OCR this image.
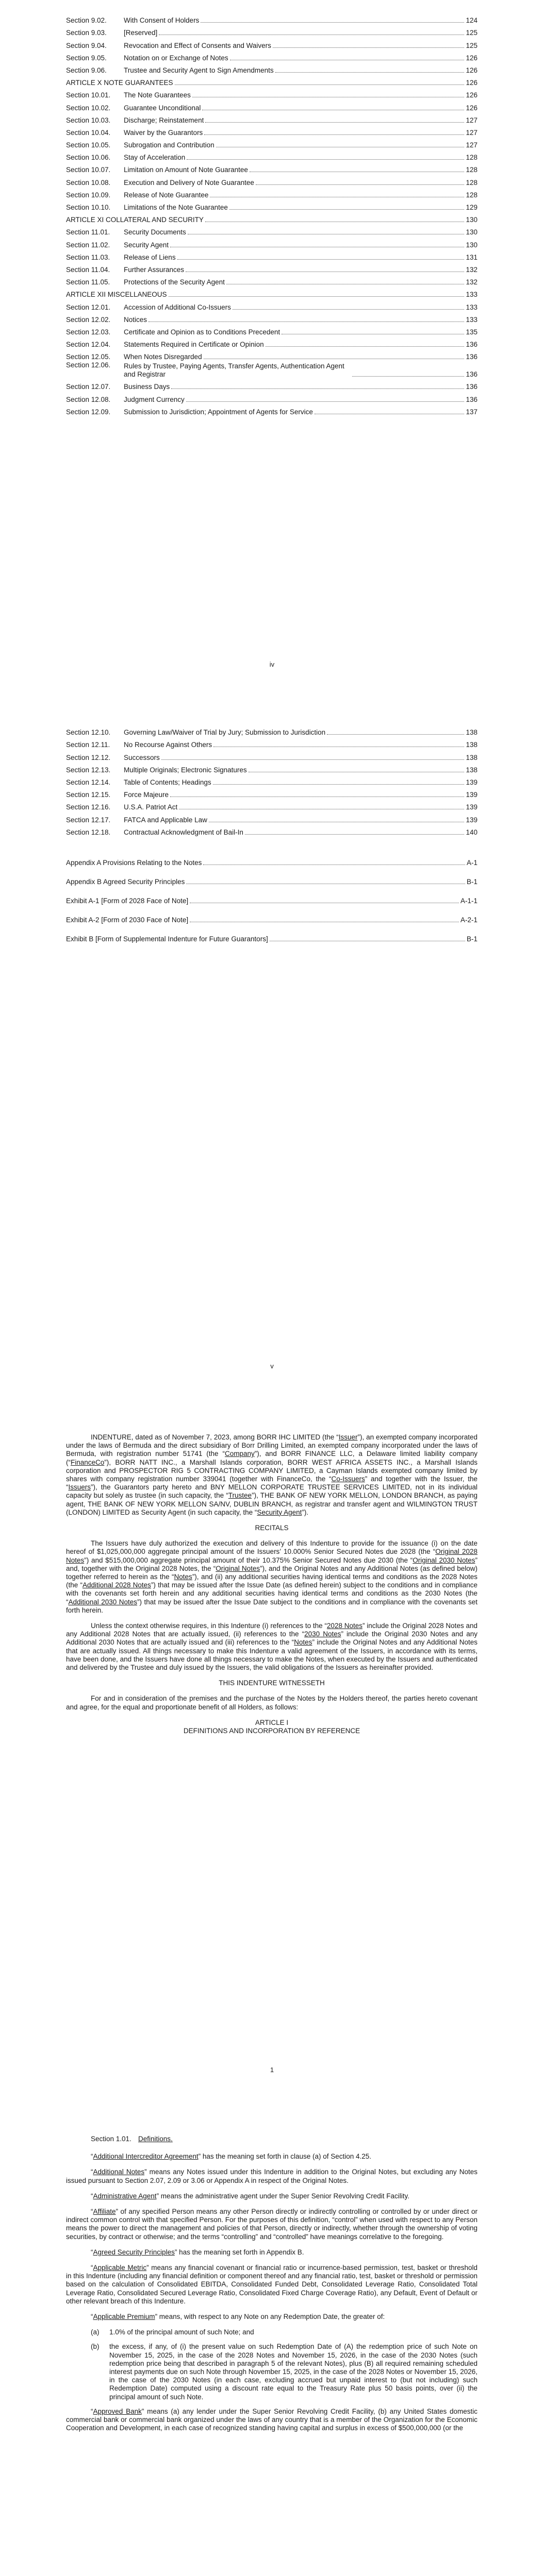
Section 9.02.	With Consent of Holders	124
Section 9.03.	[Reserved]	125
Section 9.04.	Revocation and Effect of Consents and Waivers	125
Section 9.05.	Notation on or Exchange of Notes	126
Section 9.06.	Trustee and Security Agent to Sign Amendments	126
ARTICLE X NOTE GUARANTEES	126
Section 10.01.	The Note Guarantees	126
Section 10.02.	Guarantee Unconditional	126
Section 10.03.	Discharge; Reinstatement	127
Section 10.04.	Waiver by the Guarantors	127
Section 10.05.	Subrogation and Contribution	127
Section 10.06.	Stay of Acceleration	128
Section 10.07.	Limitation on Amount of Note Guarantee	128
Section 10.08.	Execution and Delivery of Note Guarantee	128
Section 10.09.	Release of Note Guarantee	128
Section 10.10.	Limitations of the Note Guarantee	129
ARTICLE XI COLLATERAL AND SECURITY	130
Section 11.01.	Security Documents	130
Section 11.02.	Security Agent	130
Section 11.03.	Release of Liens	131
Section 11.04.	Further Assurances	132
Section 11.05.	Protections of the Security Agent	132
ARTICLE XII MISCELLANEOUS	133
Section 12.01.	Accession of Additional Co-Issuers	133
Section 12.02.	Notices	133
Section 12.03.	Certificate and Opinion as to Conditions Precedent	135
Section 12.04.	Statements Required in Certificate or Opinion	136
Section 12.05.	When Notes Disregarded	136
Section 12.06.	Rules by Trustee, Paying Agents, Transfer Agents, Authentication Agent and Registrar	136
Section 12.07.	Business Days	136
Section 12.08.	Judgment Currency	136
Section 12.09.	Submission to Jurisdiction; Appointment of Agents for Service	137
iv
Section 12.10.	Governing Law/Waiver of Trial by Jury; Submission to Jurisdiction	138
Section 12.11.	No Recourse Against Others	138
Section 12.12.	Successors	138
Section 12.13.	Multiple Originals; Electronic Signatures	138
Section 12.14.	Table of Contents; Headings	139
Section 12.15.	Force Majeure	139
Section 12.16.	U.S.A. Patriot Act	139
Section 12.17.	FATCA and Applicable Law	139
Section 12.18.	Contractual Acknowledgment of Bail-In	140
Appendix A Provisions Relating to the Notes	A-1
Appendix B Agreed Security Principles	B-1
Exhibit A-1 [Form of 2028 Face of Note]	A-1-1
Exhibit A-2 [Form of 2030 Face of Note]	A-2-1
Exhibit B [Form of Supplemental Indenture for Future Guarantors]	B-1
v

INDENTURE, dated as of November 7, 2023, among BORR IHC LIMITED (the “Issuer”), an exempted company incorporated under the laws of Bermuda and the direct subsidiary of Borr Drilling Limited, an exempted company incorporated under the laws of Bermuda, with registration number 51741 (the “Company”), and BORR FINANCE LLC, a Delaware limited liability company (“FinanceCo”), BORR NATT INC., a Marshall Islands corporation, BORR WEST AFRICA ASSETS INC., a Marshall Islands corporation and PROSPECTOR RIG 5 CONTRACTING COMPANY LIMITED, a Cayman Islands exempted company limited by shares with company registration number 339041 (together with FinanceCo, the “Co-Issuers” and together with the Issuer, the “Issuers”), the Guarantors party hereto and BNY MELLON CORPORATE TRUSTEE SERVICES LIMITED, not in its individual capacity but solely as trustee (in such capacity, the “Trustee”), THE BANK OF NEW YORK MELLON, LONDON BRANCH, as paying agent, THE BANK OF NEW YORK MELLON SA/NV, DUBLIN BRANCH, as registrar and transfer agent and WILMINGTON TRUST (LONDON) LIMITED as Security Agent (in such capacity, the “Security Agent”).

RECITALS

The Issuers have duly authorized the execution and delivery of this Indenture to provide for the issuance (i) on the date hereof of $1,025,000,000 aggregate principal amount of the Issuers’ 10.000% Senior Secured Notes due 2028 (the “Original 2028 Notes”) and $515,000,000 aggregate principal amount of their 10.375% Senior Secured Notes due 2030 (the “Original 2030 Notes” and, together with the Original 2028 Notes, the “Original Notes”), and the Original Notes and any Additional Notes (as defined below) together referred to herein as the “Notes”), and (ii) any additional securities having identical terms and conditions as the 2028 Notes (the “Additional 2028 Notes”) that may be issued after the Issue Date (as defined herein) subject to the conditions and in compliance with the covenants set forth herein and any additional securities having identical terms and conditions as the 2030 Notes (the “Additional 2030 Notes”) that may be issued after the Issue Date subject to the conditions and in compliance with the covenants set forth herein.

Unless the context otherwise requires, in this Indenture (i) references to the “2028 Notes” include the Original 2028 Notes and any Additional 2028 Notes that are actually issued, (ii) references to the “2030 Notes” include the Original 2030 Notes and any Additional 2030 Notes that are actually issued and (iii) references to the “Notes” include the Original Notes and any Additional Notes that are actually issued. All things necessary to make this Indenture a valid agreement of the Issuers, in accordance with its terms, have been done, and the Issuers have done all things necessary to make the Notes, when executed by the Issuers and authenticated and delivered by the Trustee and duly issued by the Issuers, the valid obligations of the Issuers as hereinafter provided.

THIS INDENTURE WITNESSETH

For and in consideration of the premises and the purchase of the Notes by the Holders thereof, the parties hereto covenant and agree, for the equal and proportionate benefit of all Holders, as follows:

ARTICLE I

DEFINITIONS AND INCORPORATION BY REFERENCE

1
Section 1.01. Definitions.

“Additional Intercreditor Agreement” has the meaning set forth in clause (a) of Section 4.25.

“Additional Notes” means any Notes issued under this Indenture in addition to the Original Notes, but excluding any Notes issued pursuant to Section 2.07, 2.09 or 3.06 or Appendix A in respect of the Original Notes.

“Administrative Agent” means the administrative agent under the Super Senior Revolving Credit Facility.

“Affiliate” of any specified Person means any other Person directly or indirectly controlling or controlled by or under direct or indirect common control with that specified Person. For the purposes of this definition, “control” when used with respect to any Person means the power to direct the management and policies of that Person, directly or indirectly, whether through the ownership of voting securities, by contract or otherwise; and the terms “controlling” and “controlled” have meanings correlative to the foregoing.

“Agreed Security Principles” has the meaning set forth in Appendix B.

“Applicable Metric” means any financial covenant or financial ratio or incurrence-based permission, test, basket or threshold in this Indenture (including any financial definition or component thereof and any financial ratio, test, basket or threshold or permission based on the calculation of Consolidated EBITDA, Consolidated Funded Debt, Consolidated Leverage Ratio, Consolidated Total Leverage Ratio, Consolidated Secured Leverage Ratio, Consolidated Fixed Charge Coverage Ratio), any Default, Event of Default or other relevant breach of this Indenture.

“Applicable Premium” means, with respect to any Note on any Redemption Date, the greater of:

(a)	1.0% of the principal amount of such Note; and
(b)	the excess, if any, of (i) the present value on such Redemption Date of (A) the redemption price of such Note on November 15, 2025, in the case of the 2028 Notes and November 15, 2026, in the case of the 2030 Notes (such redemption price being that described in paragraph 5 of the relevant Notes), plus (B) all required remaining scheduled interest payments due on such Note through November 15, 2025, in the case of the 2028 Notes or November 15, 2026, in the case of the 2030 Notes (in each case, excluding accrued but unpaid interest to (but not including) such Redemption Date) computed using a discount rate equal to the Treasury Rate plus 50 basis points, over (ii) the principal amount of such Note.

“Approved Bank” means (a) any lender under the Super Senior Revolving Credit Facility, (b) any United States domestic commercial bank or commercial bank organized under the laws of any country that is a member of the Organization for the Economic Cooperation and Development, in each case of recognized standing having capital and surplus in excess of $500,000,000 (or the
